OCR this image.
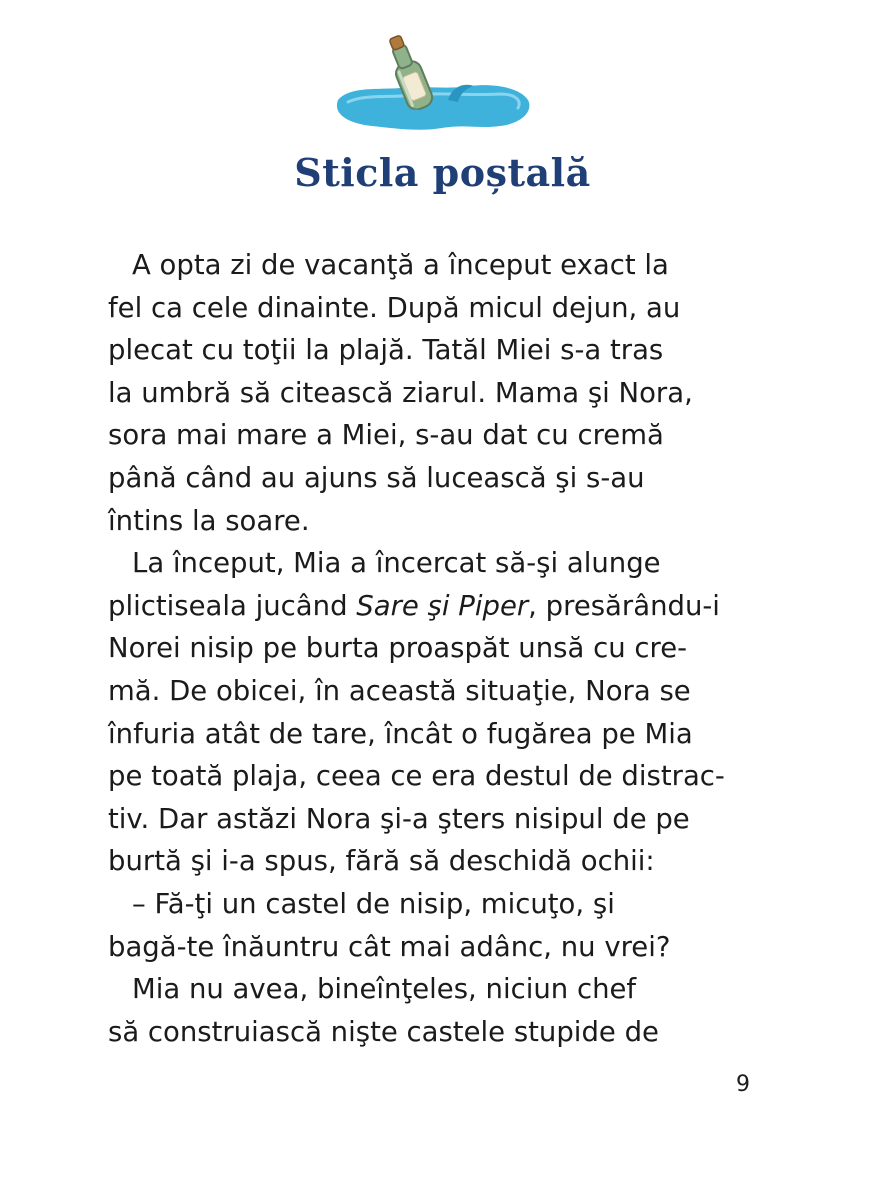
Sticla poștală
A opta zi de vacanţă a început exact la
fel ca cele dinainte. După micul dejun, au
plecat cu toţii la plajă. Tatăl Miei s-a tras
la umbră să citească ziarul. Mama şi Nora,
sora mai mare a Miei, s-au dat cu cremă
până când au ajuns să lucească şi s-au
întins la soare.
La început, Mia a încercat să-şi alunge
plictiseala jucând Sare şi Piper, presărându-i
Norei nisip pe burta proaspăt unsă cu cre-
mă. De obicei, în această situaţie, Nora se
înfuria atât de tare, încât o fugărea pe Mia
pe toată plaja, ceea ce era destul de distrac-
tiv. Dar astăzi Nora şi-a şters nisipul de pe
burtă şi i-a spus, fără să deschidă ochii:
– Fă-ţi un castel de nisip, micuţo, şi
bagă-te înăuntru cât mai adânc, nu vrei?
Mia nu avea, bineînţeles, niciun chef
să construiască nişte castele stupide de
9
